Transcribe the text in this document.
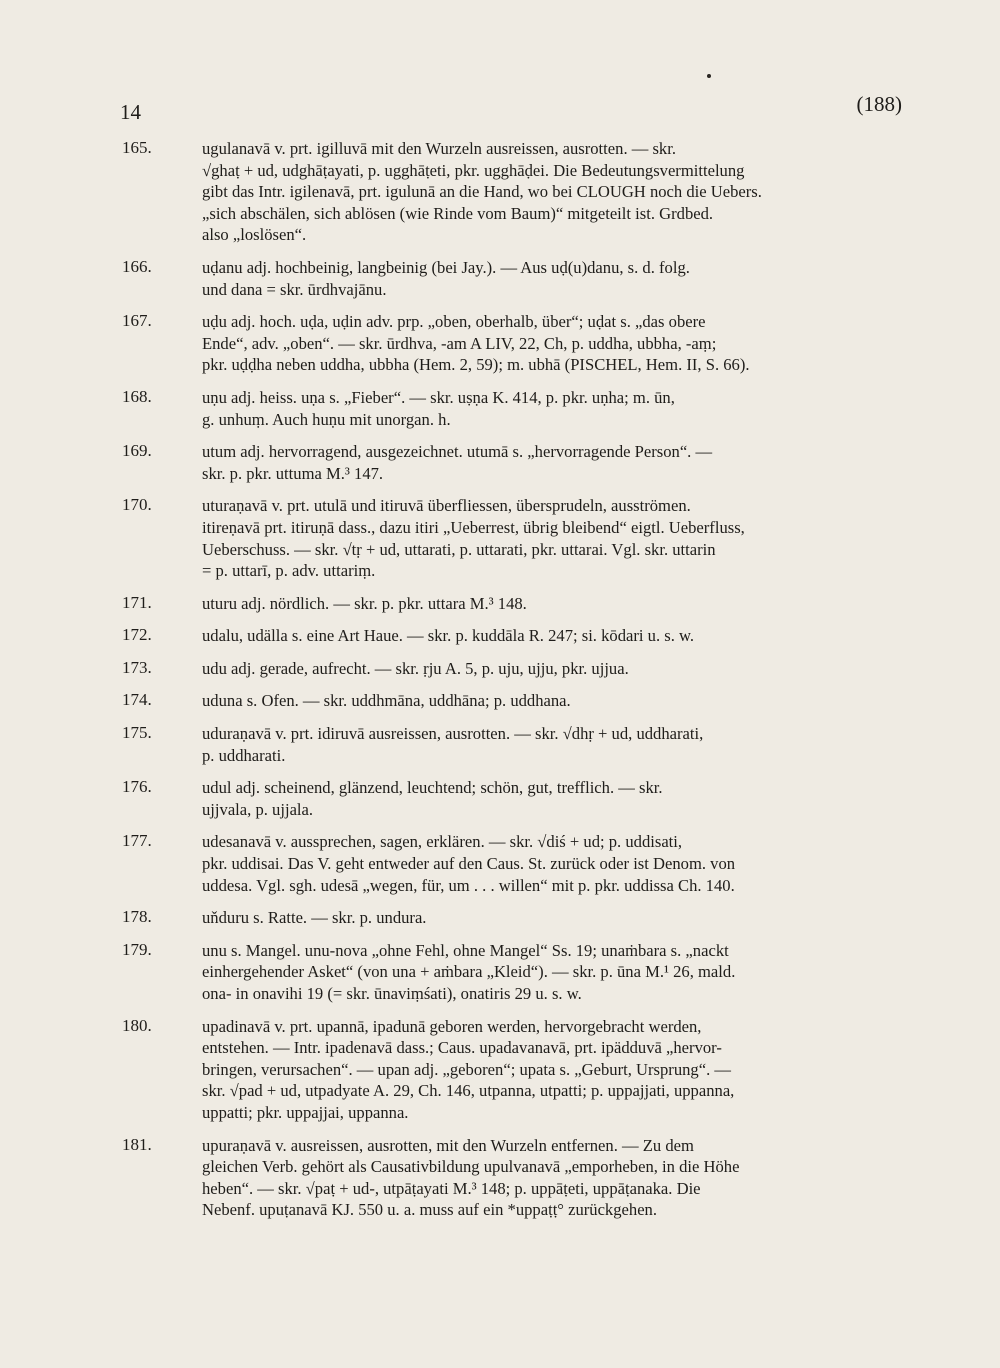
14	(188)
165.	ugulanavā v. prt. igilluvā mit den Wurzeln ausreissen, ausrotten. — skr.
√ghaṭ + ud, udghāṭayati, p. ugghāṭeti, pkr. ugghāḍei. Die Bedeutungsvermittelung
gibt das Intr. igilenavā, prt. igulunā an die Hand, wo bei CLOUGH noch die Uebers.
„sich abschälen, sich ablösen (wie Rinde vom Baum)“ mitgeteilt ist. Grdbed.
also „loslösen“.
166.	uḍanu adj. hochbeinig, langbeinig (bei Jay.). — Aus uḍ(u)danu, s. d. folg.
und dana = skr. ūrdhvajānu.
167.	uḍu adj. hoch. uḍa, uḍin adv. prp. „oben, oberhalb, über“; uḍat s. „das obere
Ende“, adv. „oben“. — skr. ūrdhva, -am A LIV, 22, Ch, p. uddha, ubbha, -aṃ;
pkr. uḍḍha neben uddha, ubbha (Hem. 2, 59); m. ubhā (PISCHEL, Hem. II, S. 66).
168.	uṇu adj. heiss. uṇa s. „Fieber“. — skr. uṣṇa K. 414, p. pkr. uṇha; m. ūn,
g. unhuṃ. Auch huṇu mit unorgan. h.
169.	utum adj. hervorragend, ausgezeichnet. utumā s. „hervorragende Person“. —
skr. p. pkr. uttuma M.³ 147.
170.	uturaṇavā v. prt. utulā und itiruvā überfliessen, übersprudeln, ausströmen.
itireṇavā prt. itiruṇā dass., dazu itiri „Ueberrest, übrig bleibend“ eigtl. Ueberfluss,
Ueberschuss. — skr. √tṛ + ud, uttarati, p. uttarati, pkr. uttarai. Vgl. skr. uttarin
= p. uttarī, p. adv. uttariṃ.
171.	uturu adj. nördlich. — skr. p. pkr. uttara M.³ 148.
172.	udalu, udälla s. eine Art Haue. — skr. p. kuddāla R. 247; si. kōdari u. s. w.
173.	udu adj. gerade, aufrecht. — skr. ṛju A. 5, p. uju, ujju, pkr. ujjua.
174.	uduna s. Ofen. — skr. uddhmāna, uddhāna; p. uddhana.
175.	uduraṇavā v. prt. idiruvā ausreissen, ausrotten. — skr. √dhṛ + ud, uddharati,
p. uddharati.
176.	udul adj. scheinend, glänzend, leuchtend; schön, gut, trefflich. — skr.
ujjvala, p. ujjala.
177.	udesanavā v. aussprechen, sagen, erklären. — skr. √diś + ud; p. uddisati,
pkr. uddisai. Das V. geht entweder auf den Caus. St. zurück oder ist Denom. von
uddesa. Vgl. sgh. udesā „wegen, für, um . . . willen“ mit p. pkr. uddissa Ch. 140.
178.	uňduru s. Ratte. — skr. p. undura.
179.	unu s. Mangel. unu-nova „ohne Fehl, ohne Mangel“ Ss. 19; unaṁbara s. „nackt
einhergehender Asket“ (von una + aṁbara „Kleid“). — skr. p. ūna M.¹ 26, mald.
ona- in onavihi 19 (= skr. ūnaviṃśati), onatiris 29 u. s. w.
180.	upadinavā v. prt. upannā, ipadunā geboren werden, hervorgebracht werden,
entstehen. — Intr. ipadenavā dass.; Caus. upadavanavā, prt. ipädduvā „hervor-
bringen, verursachen“. — upan adj. „geboren“; upata s. „Geburt, Ursprung“. —
skr. √pad + ud, utpadyate A. 29, Ch. 146, utpanna, utpatti; p. uppajjati, uppanna,
uppatti; pkr. uppajjai, uppanna.
181.	upuraṇavā v. ausreissen, ausrotten, mit den Wurzeln entfernen. — Zu dem
gleichen Verb. gehört als Causativbildung upulvanavā „emporheben, in die Höhe
heben“. — skr. √paṭ + ud-, utpāṭayati M.³ 148; p. uppāṭeti, uppāṭanaka. Die
Nebenf. upuṭanavā KJ. 550 u. a. muss auf ein *uppaṭṭ° zurückgehen.
